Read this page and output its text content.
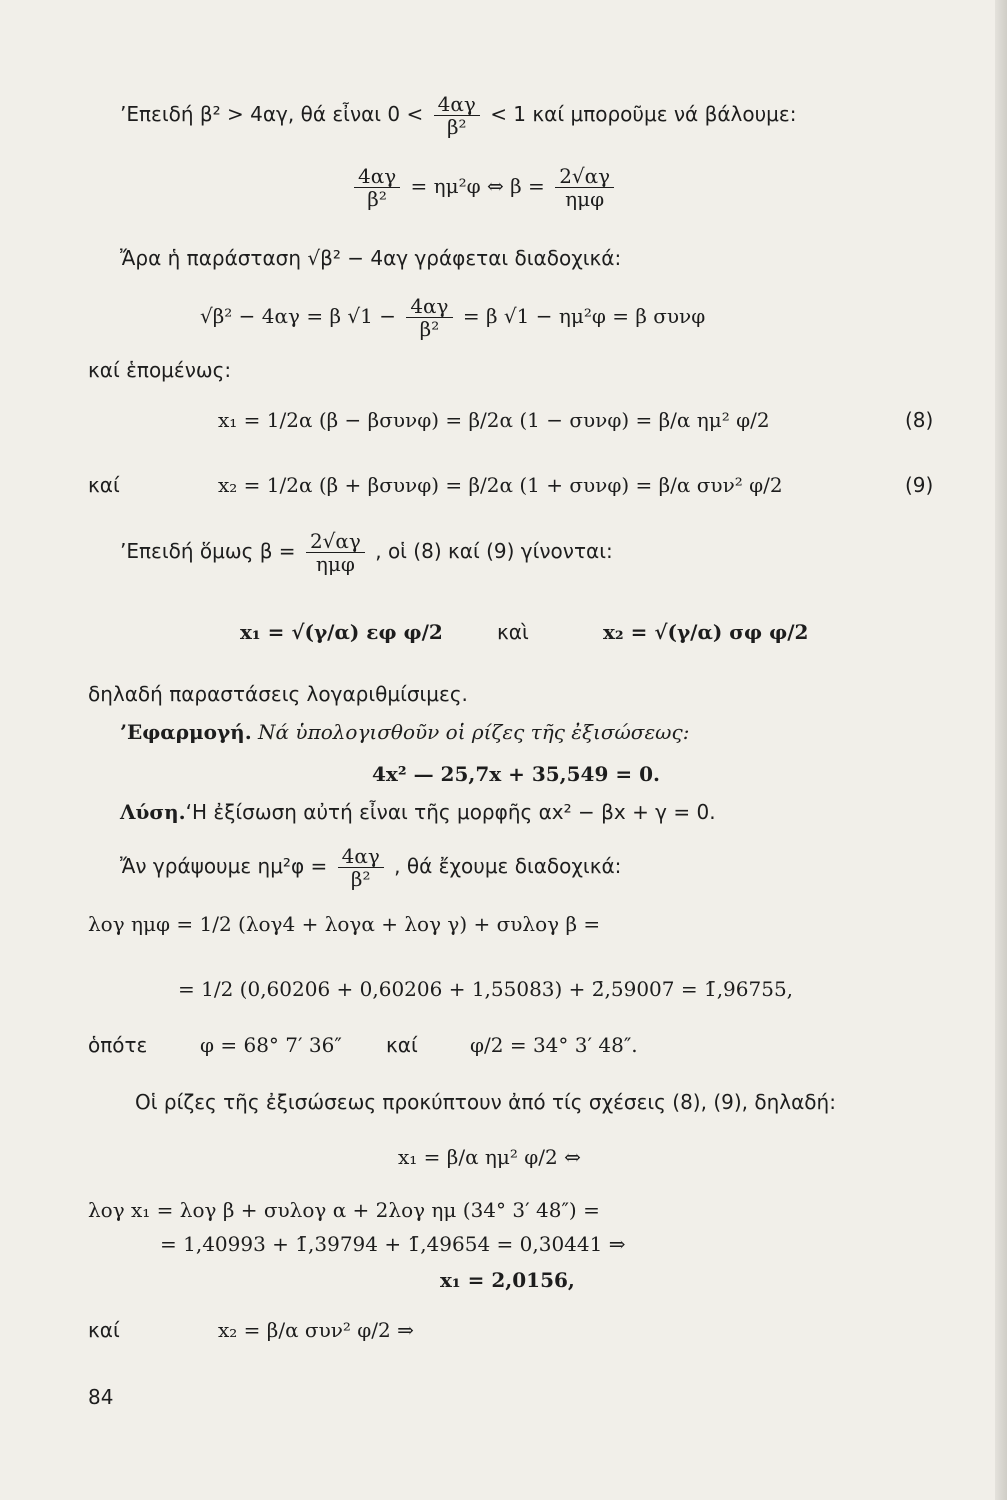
’Επειδή β² > 4αγ, θά εἶναι $0 < \frac{4\alpha\gamma}{\text{β²}} < 1$ καί μποροῦμε νά βάλουμε:
$\frac{4\alpha\gamma}{\text{β²}} = \eta\mu^2\varphi$ ⇔ $\beta = \frac{2√\alpha\gamma}{\text{ημφ}}$
Ἄρα ἡ παράσταση √β² − 4αγ γράφεται διαδοχικά:
√β² − 4αγ = β $√1 - \frac{4\alpha\gamma}{\text{β²}} = \beta$ √1 − ημ²φ = β συνφ
καί ἑπομένως:
x₁ = 1/2α (β − βσυνφ) = β/2α (1 − συνφ) = β/α ημ² φ/2	(8)
καί	x₂ = 1/2α (β + βσυνφ) = β/2α (1 + συνφ) = β/α συν² φ/2	(9)
’Επειδή ὅμως $\beta = \frac{2√\alpha\gamma}{\text{ημφ}}$ , οἱ (8) καί (9) γίνονται:
x₁ = √(γ/α) εφ φ/2	καὶ	x₂ = √(γ/α) σφ φ/2
δηλαδή παραστάσεις λογαριθμίσιμες.
’Εφαρμογή. Νά ὑπολογισθοῦν οἱ ρίζες τῆς ἐξισώσεως:
4x² — 25,7x + 35,549 = 0.
Λύση.‘Η ἐξίσωση αὐτή εἶναι τῆς μορφῆς αx² − βx + γ = 0.
Ἄν γράψουμε $\eta\mu^2\varphi = \frac{4\alpha\gamma}{\text{β²}}$ , θά ἔχουμε διαδοχικά:
λογ ημφ = 1/2 (λογ4 + λογα + λογ γ) + συλογ β =
= 1/2 (0,60206 + 0,60206 + 1,55083) + 2̄,59007 = 1̄,96755,
ὁπότε	φ = 68° 7′ 36″ καί	φ/2 = 34° 3′ 48″.
Οἱ ρίζες τῆς ἐξισώσεως προκύπτουν ἀπό τίς σχέσεις (8), (9), δηλαδή:
x₁ = β/α ημ² φ/2 ⇔
λογ x₁ = λογ β + συλογ α + 2λογ ημ (34° 3′ 48″) =
= 1,40993 + 1̄,39794 + 1̄,49654 = 0,30441 ⇒
x₁ = 2,0156,
καί	x₂ = β/α συν² φ/2 ⇒
84
